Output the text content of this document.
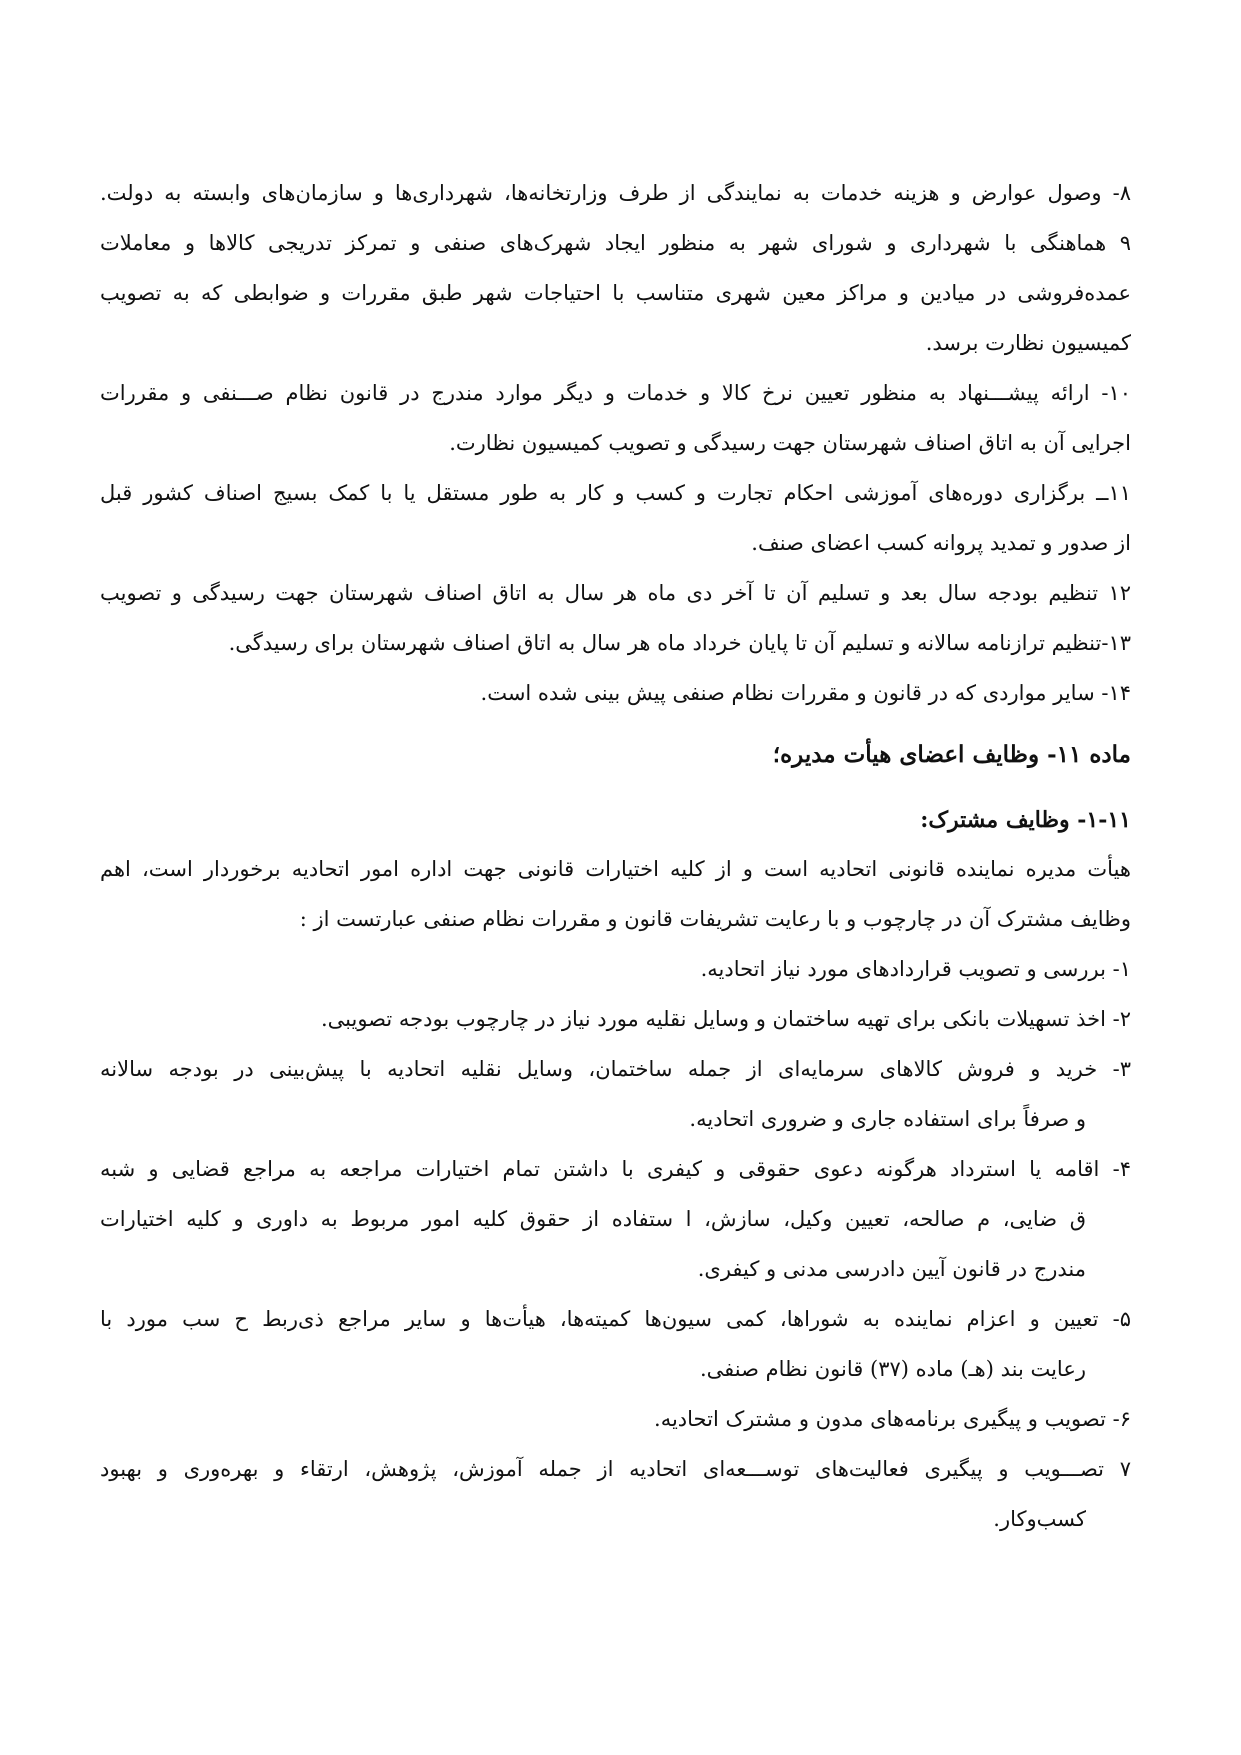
۸- وصول عوارض و هزینه خدمات به نمایندگی از طرف وزارتخانه‌ها، شهرداری‌ها و سازمان‌های وابسته به دولت.
۹ هماهنگی با شهرداری و شورای شهر به منظور ایجاد شهرک‌های صنفی و تمرکز تدریجی کالاها و معاملات
عمده‌فروشی در میادین و مراکز معین شهری متناسب با احتیاجات شهر طبق مقررات و ضوابطی که به تصویب
کمیسیون نظارت برسد.
۱۰- ارائه پیشـــنهاد به منظور تعیین نرخ کالا و خدمات و دیگر موارد مندرج در قانون نظام صـــنفی و مقررات
اجرایی آن به اتاق اصناف شهرستان جهت رسیدگی و تصویب کمیسیون نظارت.
۱۱ــ برگزاری دوره‌های آموزشی احکام تجارت و کسب و کار به طور مستقل یا با کمک بسیج اصناف کشور قبل
از صدور و تمدید پروانه کسب اعضای صنف.
۱۲ تنظیم بودجه سال بعد و تسلیم آن تا آخر دی ماه هر سال به اتاق اصناف شهرستان جهت رسیدگی و تصویب
۱۳-تنظیم ترازنامه سالانه و تسلیم آن تا پایان خرداد ماه هر سال به اتاق اصناف شهرستان برای رسیدگی.
۱۴- سایر مواردی که در قانون و مقررات نظام صنفی پیش بینی شده است.
ماده ۱۱- وظایف اعضای هیأت مدیره؛
۱-۱۱- وظایف مشترک:
هیأت مدیره نماینده قانونی اتحادیه است و از کلیه اختیارات قانونی جهت اداره امور اتحادیه برخوردار است، اهم
وظایف مشترک آن در چارچوب و با رعایت تشریفات قانون و مقررات نظام صنفی عبارتست از :
۱- بررسی و تصویب قراردادهای مورد نیاز اتحادیه.
۲- اخذ تسهیلات بانکی برای تهیه ساختمان و وسایل نقلیه مورد نیاز در چارچوب بودجه تصویبی.
۳- خرید و فروش کالاهای سرمایه‌ای از جمله ساختمان، وسایل نقلیه اتحادیه با پیش‌بینی در بودجه سالانه
و صرفاً برای استفاده جاری و ضروری اتحادیه.
۴- اقامه یا استرداد هرگونه دعوی حقوقی و کیفری با داشتن تمام اختیارات مراجعه به مراجع قضایی و شبه
ق ضایی، م صالحه، تعیین وکیل، سازش، ا ستفاده از حقوق کلیه امور مربوط به داوری و کلیه اختیارات
مندرج در قانون آیین دادرسی مدنی و کیفری.
۵- تعیین و اعزام نماینده به شوراها، کمی سیون‌ها کمیته‌ها، هیأت‌ها و سایر مراجع ذی‌ربط ح سب مورد با
رعایت بند (هـ) ماده (۳۷) قانون نظام صنفی.
۶- تصویب و پیگیری برنامه‌های مدون و مشترک اتحادیه.
۷ تصـــویب و پیگیری فعالیت‌های توســـعه‌ای اتحادیه از جمله آموزش، پژوهش، ارتقاء و بهره‌وری و بهبود
کسب‌وکار.
